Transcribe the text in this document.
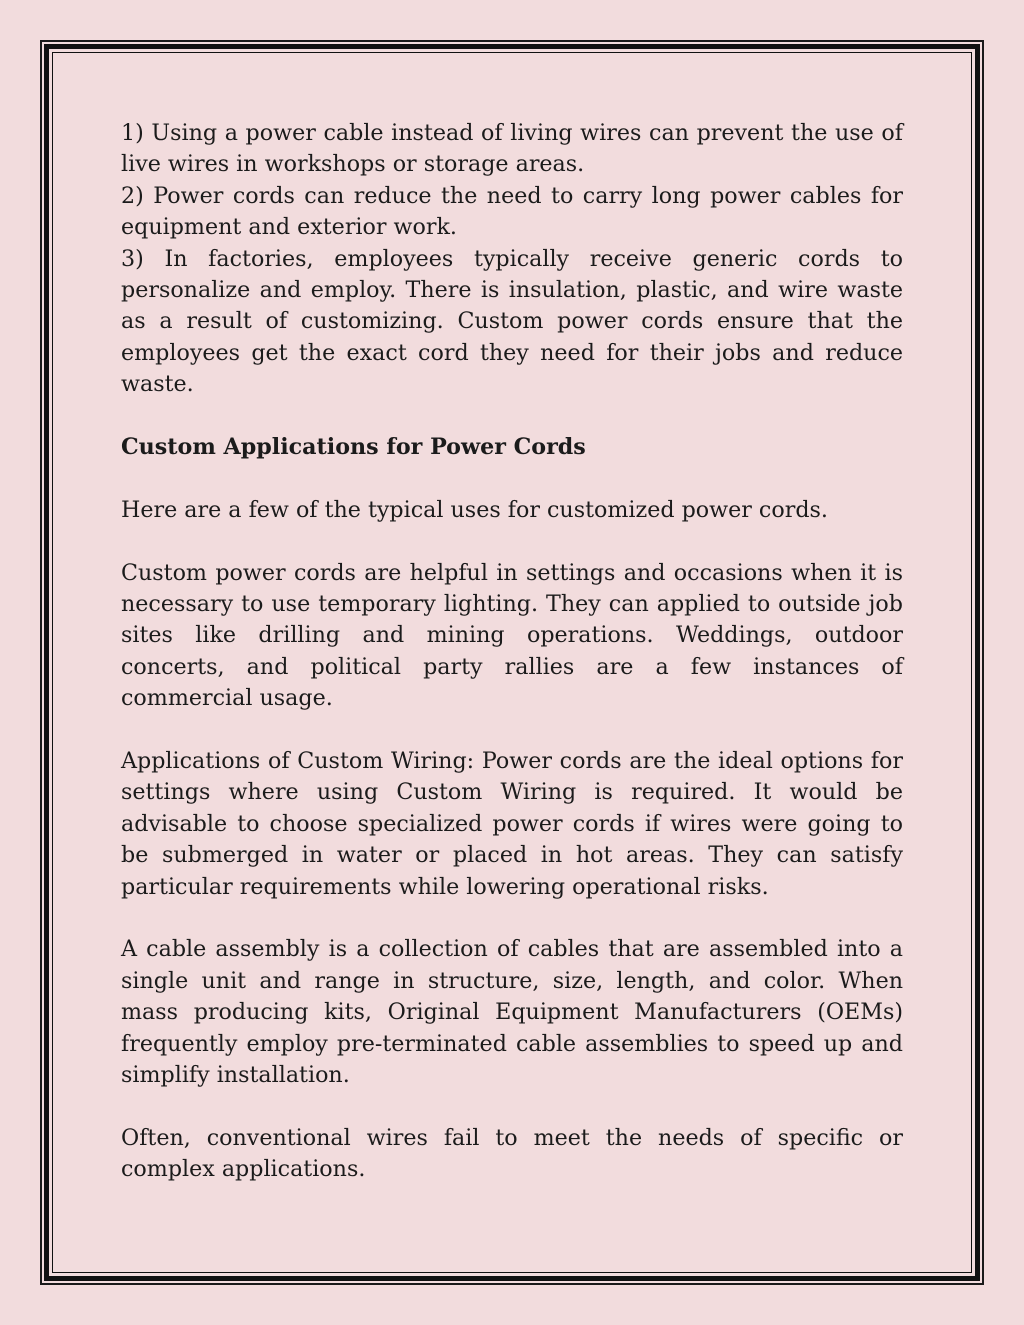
1) Using a power cable instead of living wires can prevent the use of live wires in workshops or storage areas.

2) Power cords can reduce the need to carry long power cables for equipment and exterior work.

3) In factories, employees typically receive generic cords to personalize and employ. There is insulation, plastic, and wire waste as a result of customizing. Custom power cords ensure that the employees get the exact cord they need for their jobs and reduce waste.

Custom Applications for Power Cords

Here are a few of the typical uses for customized power cords.

Custom power cords are helpful in settings and occasions when it is necessary to use temporary lighting. They can applied to outside job sites like drilling and mining operations. Weddings, outdoor concerts, and political party rallies are a few instances of commercial usage.

Applications of Custom Wiring: Power cords are the ideal options for settings where using Custom Wiring is required. It would be advisable to choose specialized power cords if wires were going to be submerged in water or placed in hot areas. They can satisfy particular requirements while lowering operational risks.

A cable assembly is a collection of cables that are assembled into a single unit and range in structure, size, length, and color. When mass producing kits, Original Equipment Manufacturers (OEMs) frequently employ pre-terminated cable assemblies to speed up and simplify installation.

Often, conventional wires fail to meet the needs of specific or complex applications.
